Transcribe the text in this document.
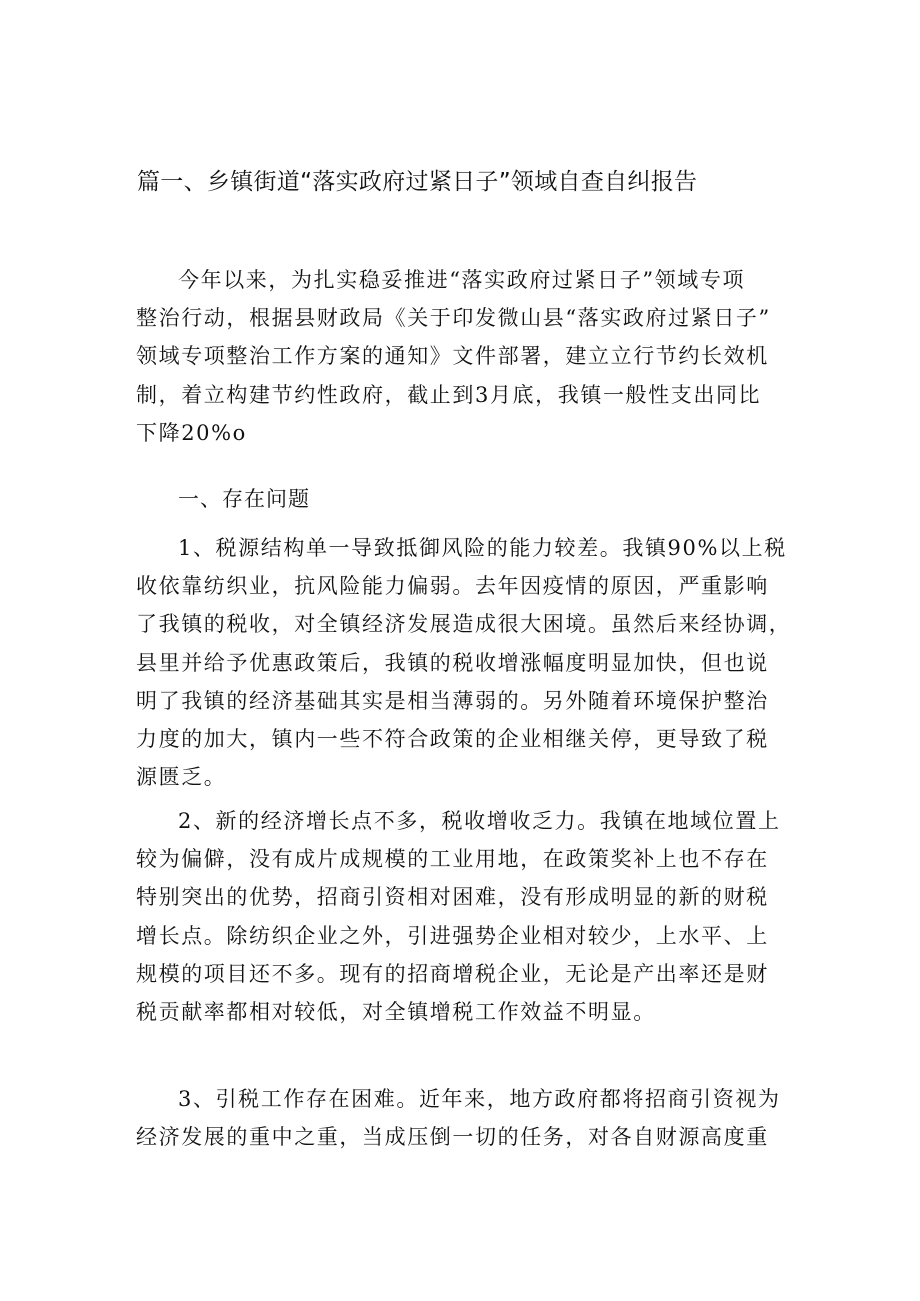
篇一、乡镇街道“落实政府过紧日子”领域自查自纠报告
今年以来，为扎实稳妥推进“落实政府过紧日子”领域专项
整治行动，根据县财政局《关于印发微山县“落实政府过紧日子”
领域专项整治工作方案的通知》文件部署，建立立行节约长效机
制，着立构建节约性政府，截止到3月底，我镇一般性支出同比
下降20%o
一、存在问题
1、税源结构单一导致抵御风险的能力较差。我镇90%以上税
收依靠纺织业，抗风险能力偏弱。去年因疫情的原因，严重影响
了我镇的税收，对全镇经济发展造成很大困境。虽然后来经协调，
县里并给予优惠政策后，我镇的税收增涨幅度明显加快，但也说
明了我镇的经济基础其实是相当薄弱的。另外随着环境保护整治
力度的加大，镇内一些不符合政策的企业相继关停，更导致了税
源匮乏。
2、新的经济增长点不多，税收增收乏力。我镇在地域位置上
较为偏僻，没有成片成规模的工业用地，在政策奖补上也不存在
特别突出的优势，招商引资相对困难，没有形成明显的新的财税
增长点。除纺织企业之外，引进强势企业相对较少，上水平、上
规模的项目还不多。现有的招商增税企业，无论是产出率还是财
税贡献率都相对较低，对全镇增税工作效益不明显。
3、引税工作存在困难。近年来，地方政府都将招商引资视为
经济发展的重中之重，当成压倒一切的任务，对各自财源高度重
